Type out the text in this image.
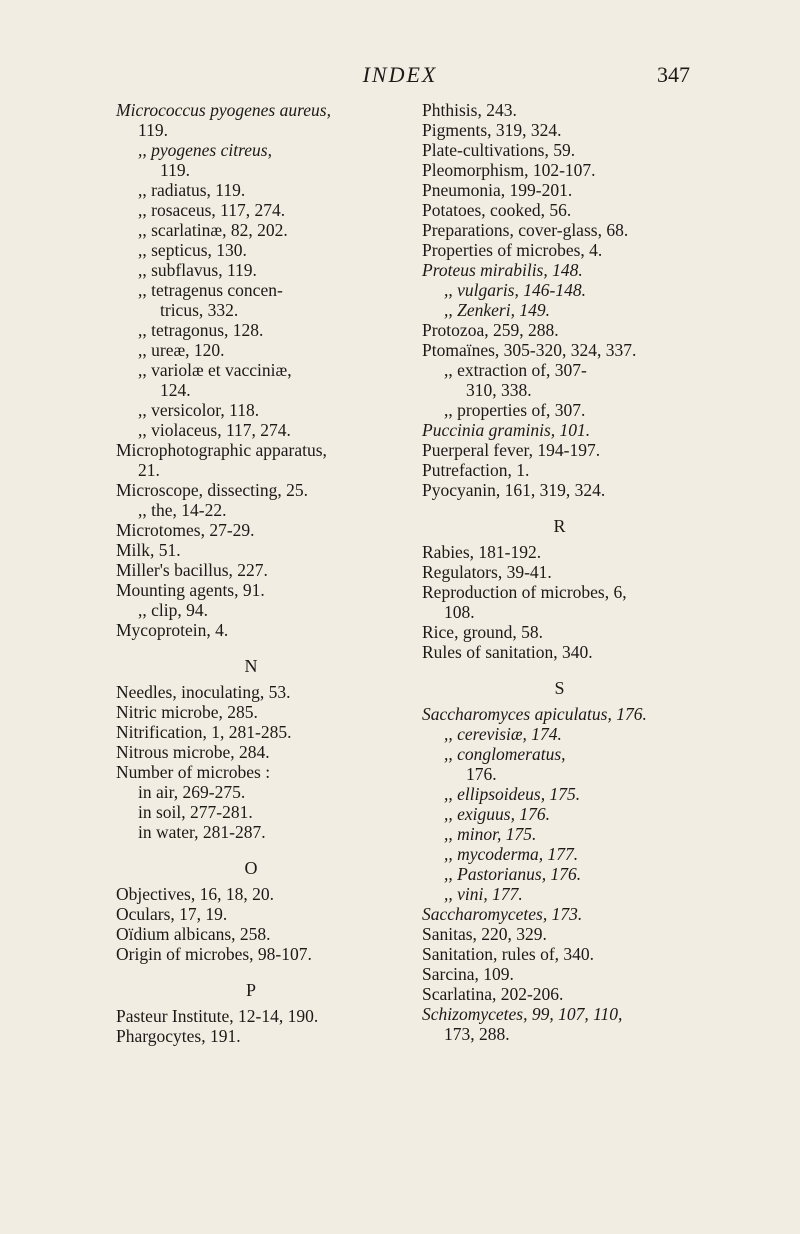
INDEX	347
Micrococcus pyogenes aureus,
119.
,, pyogenes citreus,
119.
,, radiatus, 119.
,, rosaceus, 117, 274.
,, scarlatinæ, 82, 202.
,, septicus, 130.
,, subflavus, 119.
,, tetragenus concen-
tricus, 332.
,, tetragonus, 128.
,, ureæ, 120.
,, variolæ et vacciniæ,
124.
,, versicolor, 118.
,, violaceus, 117, 274.
Microphotographic apparatus,
21.
Microscope, dissecting, 25.
,, the, 14-22.
Microtomes, 27-29.
Milk, 51.
Miller's bacillus, 227.
Mounting agents, 91.
,, clip, 94.
Mycoprotein, 4.
N
Needles, inoculating, 53.
Nitric microbe, 285.
Nitrification, 1, 281-285.
Nitrous microbe, 284.
Number of microbes :
in air, 269-275.
in soil, 277-281.
in water, 281-287.
O
Objectives, 16, 18, 20.
Oculars, 17, 19.
Oïdium albicans, 258.
Origin of microbes, 98-107.
P
Pasteur Institute, 12-14, 190.
Phargocytes, 191.
Phthisis, 243.
Pigments, 319, 324.
Plate-cultivations, 59.
Pleomorphism, 102-107.
Pneumonia, 199-201.
Potatoes, cooked, 56.
Preparations, cover-glass, 68.
Properties of microbes, 4.
Proteus mirabilis, 148.
,, vulgaris, 146-148.
,, Zenkeri, 149.
Protozoa, 259, 288.
Ptomaïnes, 305-320, 324, 337.
,, extraction of, 307-
310, 338.
,, properties of, 307.
Puccinia graminis, 101.
Puerperal fever, 194-197.
Putrefaction, 1.
Pyocyanin, 161, 319, 324.
R
Rabies, 181-192.
Regulators, 39-41.
Reproduction of microbes, 6,
108.
Rice, ground, 58.
Rules of sanitation, 340.
S
Saccharomyces apiculatus, 176.
,, cerevisiæ, 174.
,, conglomeratus,
176.
,, ellipsoideus, 175.
,, exiguus, 176.
,, minor, 175.
,, mycoderma, 177.
,, Pastorianus, 176.
,, vini, 177.
Saccharomycetes, 173.
Sanitas, 220, 329.
Sanitation, rules of, 340.
Sarcina, 109.
Scarlatina, 202-206.
Schizomycetes, 99, 107, 110,
173, 288.
